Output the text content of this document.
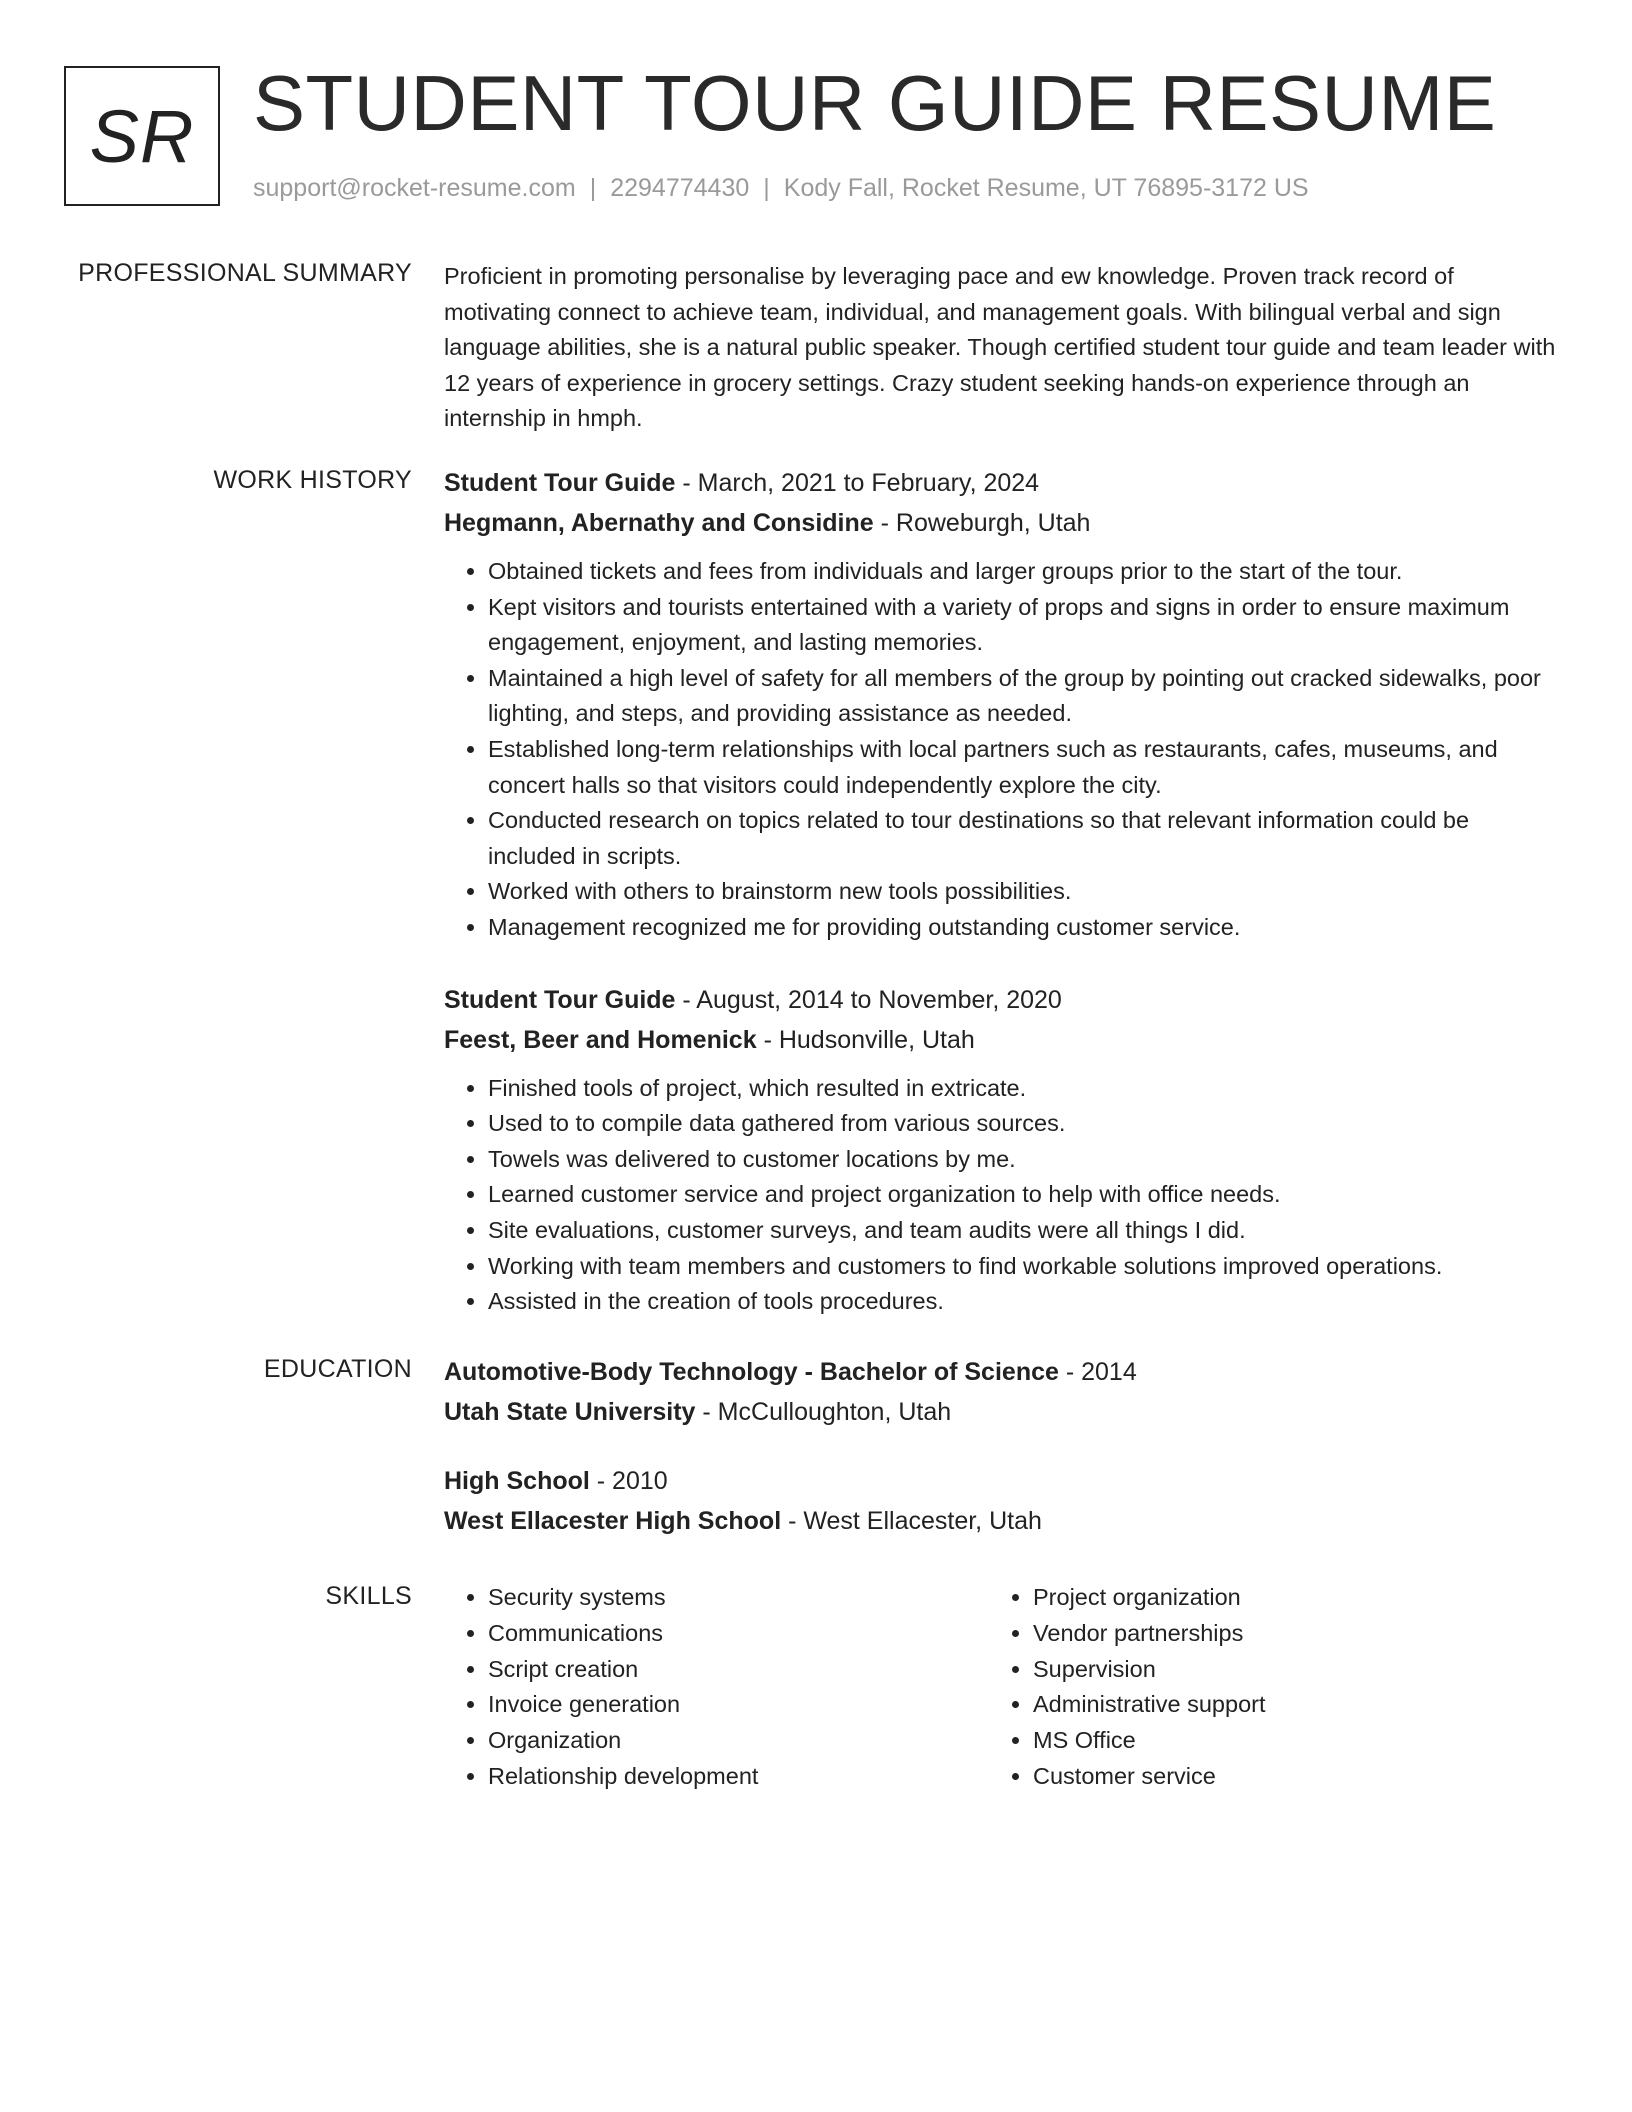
SR STUDENT TOUR GUIDE RESUME
support@rocket-resume.com | 2294774430 | Kody Fall, Rocket Resume, UT 76895-3172 US
PROFESSIONAL SUMMARY Proficient in promoting personalise by leveraging pace and ew knowledge. Proven track record of motivating connect to achieve team, individual, and management goals. With bilingual verbal and sign language abilities, she is a natural public speaker. Though certified student tour guide and team leader with 12 years of experience in grocery settings. Crazy student seeking hands-on experience through an internship in hmph.

WORK HISTORY Student Tour Guide - March, 2021 to February, 2024
Hegmann, Abernathy and Considine - Roweburgh, Utah
• Obtained tickets and fees from individuals and larger groups prior to the start of the tour.
• Kept visitors and tourists entertained with a variety of props and signs in order to ensure maximum engagement, enjoyment, and lasting memories.
• Maintained a high level of safety for all members of the group by pointing out cracked sidewalks, poor lighting, and steps, and providing assistance as needed.
• Established long-term relationships with local partners such as restaurants, cafes, museums, and concert halls so that visitors could independently explore the city.
• Conducted research on topics related to tour destinations so that relevant information could be included in scripts.
• Worked with others to brainstorm new tools possibilities.
• Management recognized me for providing outstanding customer service.
Student Tour Guide - August, 2014 to November, 2020
Feest, Beer and Homenick - Hudsonville, Utah
• Finished tools of project, which resulted in extricate.
• Used to to compile data gathered from various sources.
• Towels was delivered to customer locations by me.
• Learned customer service and project organization to help with office needs.
• Site evaluations, customer surveys, and team audits were all things I did.
• Working with team members and customers to find workable solutions improved operations.
• Assisted in the creation of tools procedures.
EDUCATION Automotive-Body Technology - Bachelor of Science - 2014
Utah State University - McCulloughton, Utah
High School - 2010
West Ellacester High School - West Ellacester, Utah
SKILLS
•	Security systems
• Communications
• Script creation
• Invoice generation
• Organization
• Relationship development
• Project organization
• Vendor partnerships
• Supervision
• Administrative support
• MS Office
• Customer service
